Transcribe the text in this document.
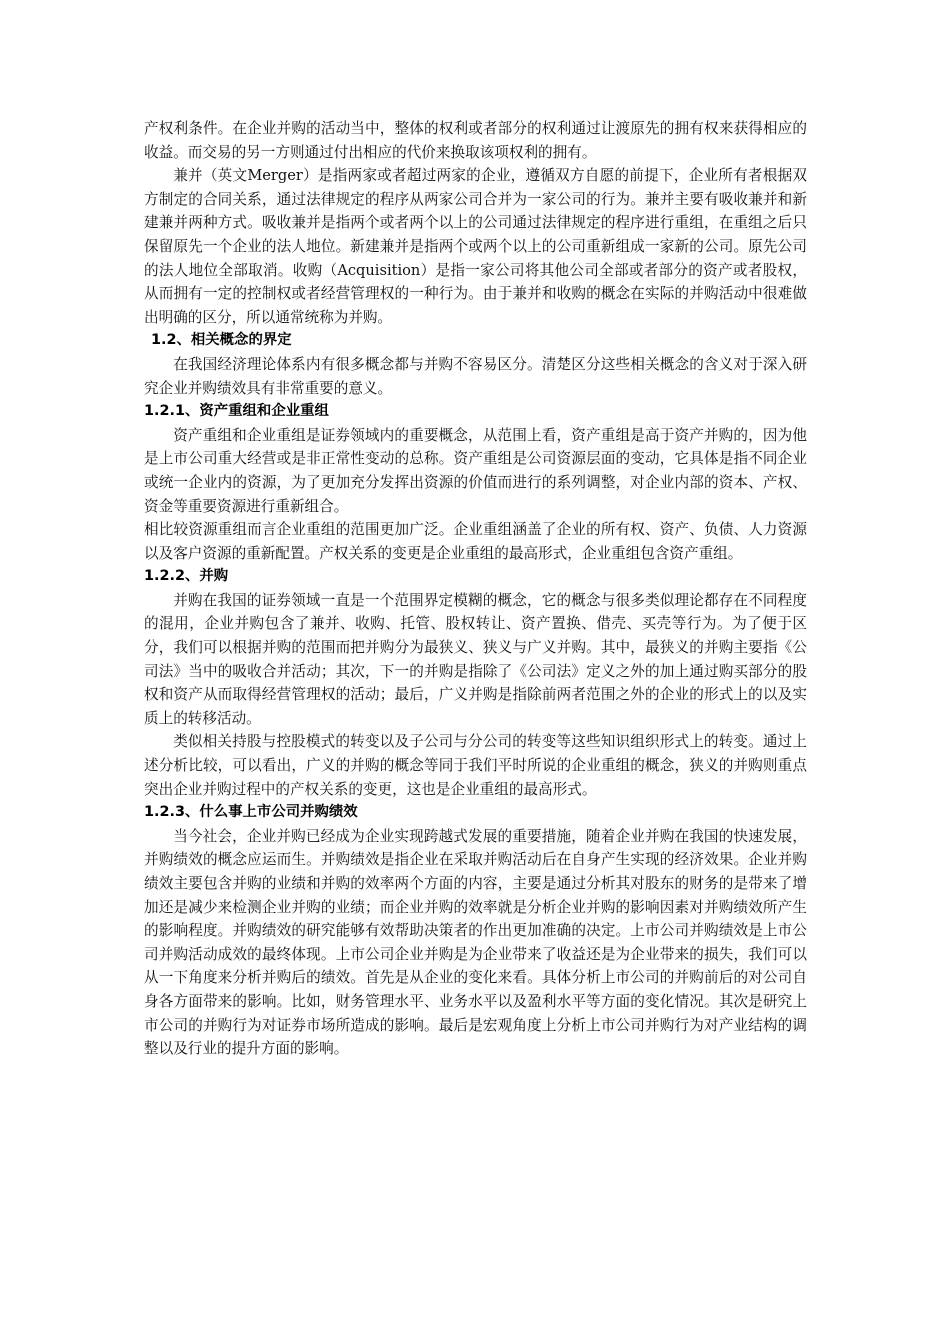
产权利条件。在企业并购的活动当中，整体的权利或者部分的权利通过让渡原先的拥有权来获得相应的收益。而交易的另一方则通过付出相应的代价来换取该项权利的拥有。

兼并（英文Merger）是指两家或者超过两家的企业，遵循双方自愿的前提下，企业所有者根据双方制定的合同关系，通过法律规定的程序从两家公司合并为一家公司的行为。兼并主要有吸收兼并和新建兼并两种方式。吸收兼并是指两个或者两个以上的公司通过法律规定的程序进行重组，在重组之后只保留原先一个企业的法人地位。新建兼并是指两个或两个以上的公司重新组成一家新的公司。原先公司的法人地位全部取消。收购（Acquisition）是指一家公司将其他公司全部或者部分的资产或者股权，从而拥有一定的控制权或者经营管理权的一种行为。由于兼并和收购的概念在实际的并购活动中很难做出明确的区分，所以通常统称为并购。

1.2、相关概念的界定

在我国经济理论体系内有很多概念都与并购不容易区分。清楚区分这些相关概念的含义对于深入研究企业并购绩效具有非常重要的意义。

1.2.1、资产重组和企业重组

资产重组和企业重组是证券领域内的重要概念，从范围上看，资产重组是高于资产并购的，因为他是上市公司重大经营或是非正常性变动的总称。资产重组是公司资源层面的变动，它具体是指不同企业或统一企业内的资源，为了更加充分发挥出资源的价值而进行的系列调整，对企业内部的资本、产权、资金等重要资源进行重新组合。

相比较资源重组而言企业重组的范围更加广泛。企业重组涵盖了企业的所有权、资产、负债、人力资源以及客户资源的重新配置。产权关系的变更是企业重组的最高形式，企业重组包含资产重组。

1.2.2、并购

并购在我国的证券领域一直是一个范围界定模糊的概念，它的概念与很多类似理论都存在不同程度的混用，企业并购包含了兼并、收购、托管、股权转让、资产置换、借壳、买壳等行为。为了便于区分，我们可以根据并购的范围而把并购分为最狭义、狭义与广义并购。其中，最狭义的并购主要指《公司法》当中的吸收合并活动；其次，下一的并购是指除了《公司法》定义之外的加上通过购买部分的股权和资产从而取得经营管理权的活动；最后，广义并购是指除前两者范围之外的企业的形式上的以及实质上的转移活动。

类似相关持股与控股模式的转变以及子公司与分公司的转变等这些知识组织形式上的转变。通过上述分析比较，可以看出，广义的并购的概念等同于我们平时所说的企业重组的概念，狭义的并购则重点突出企业并购过程中的产权关系的变更，这也是企业重组的最高形式。

1.2.3、什么事上市公司并购绩效

当今社会，企业并购已经成为企业实现跨越式发展的重要措施，随着企业并购在我国的快速发展，并购绩效的概念应运而生。并购绩效是指企业在采取并购活动后在自身产生实现的经济效果。企业并购绩效主要包含并购的业绩和并购的效率两个方面的内容，主要是通过分析其对股东的财务的是带来了增加还是减少来检测企业并购的业绩；而企业并购的效率就是分析企业并购的影响因素对并购绩效所产生的影响程度。并购绩效的研究能够有效帮助决策者的作出更加准确的决定。上市公司并购绩效是上市公司并购活动成效的最终体现。上市公司企业并购是为企业带来了收益还是为企业带来的损失，我们可以从一下角度来分析并购后的绩效。首先是从企业的变化来看。具体分析上市公司的并购前后的对公司自身各方面带来的影响。比如，财务管理水平、业务水平以及盈利水平等方面的变化情况。其次是研究上市公司的并购行为对证券市场所造成的影响。最后是宏观角度上分析上市公司并购行为对产业结构的调整以及行业的提升方面的影响。
